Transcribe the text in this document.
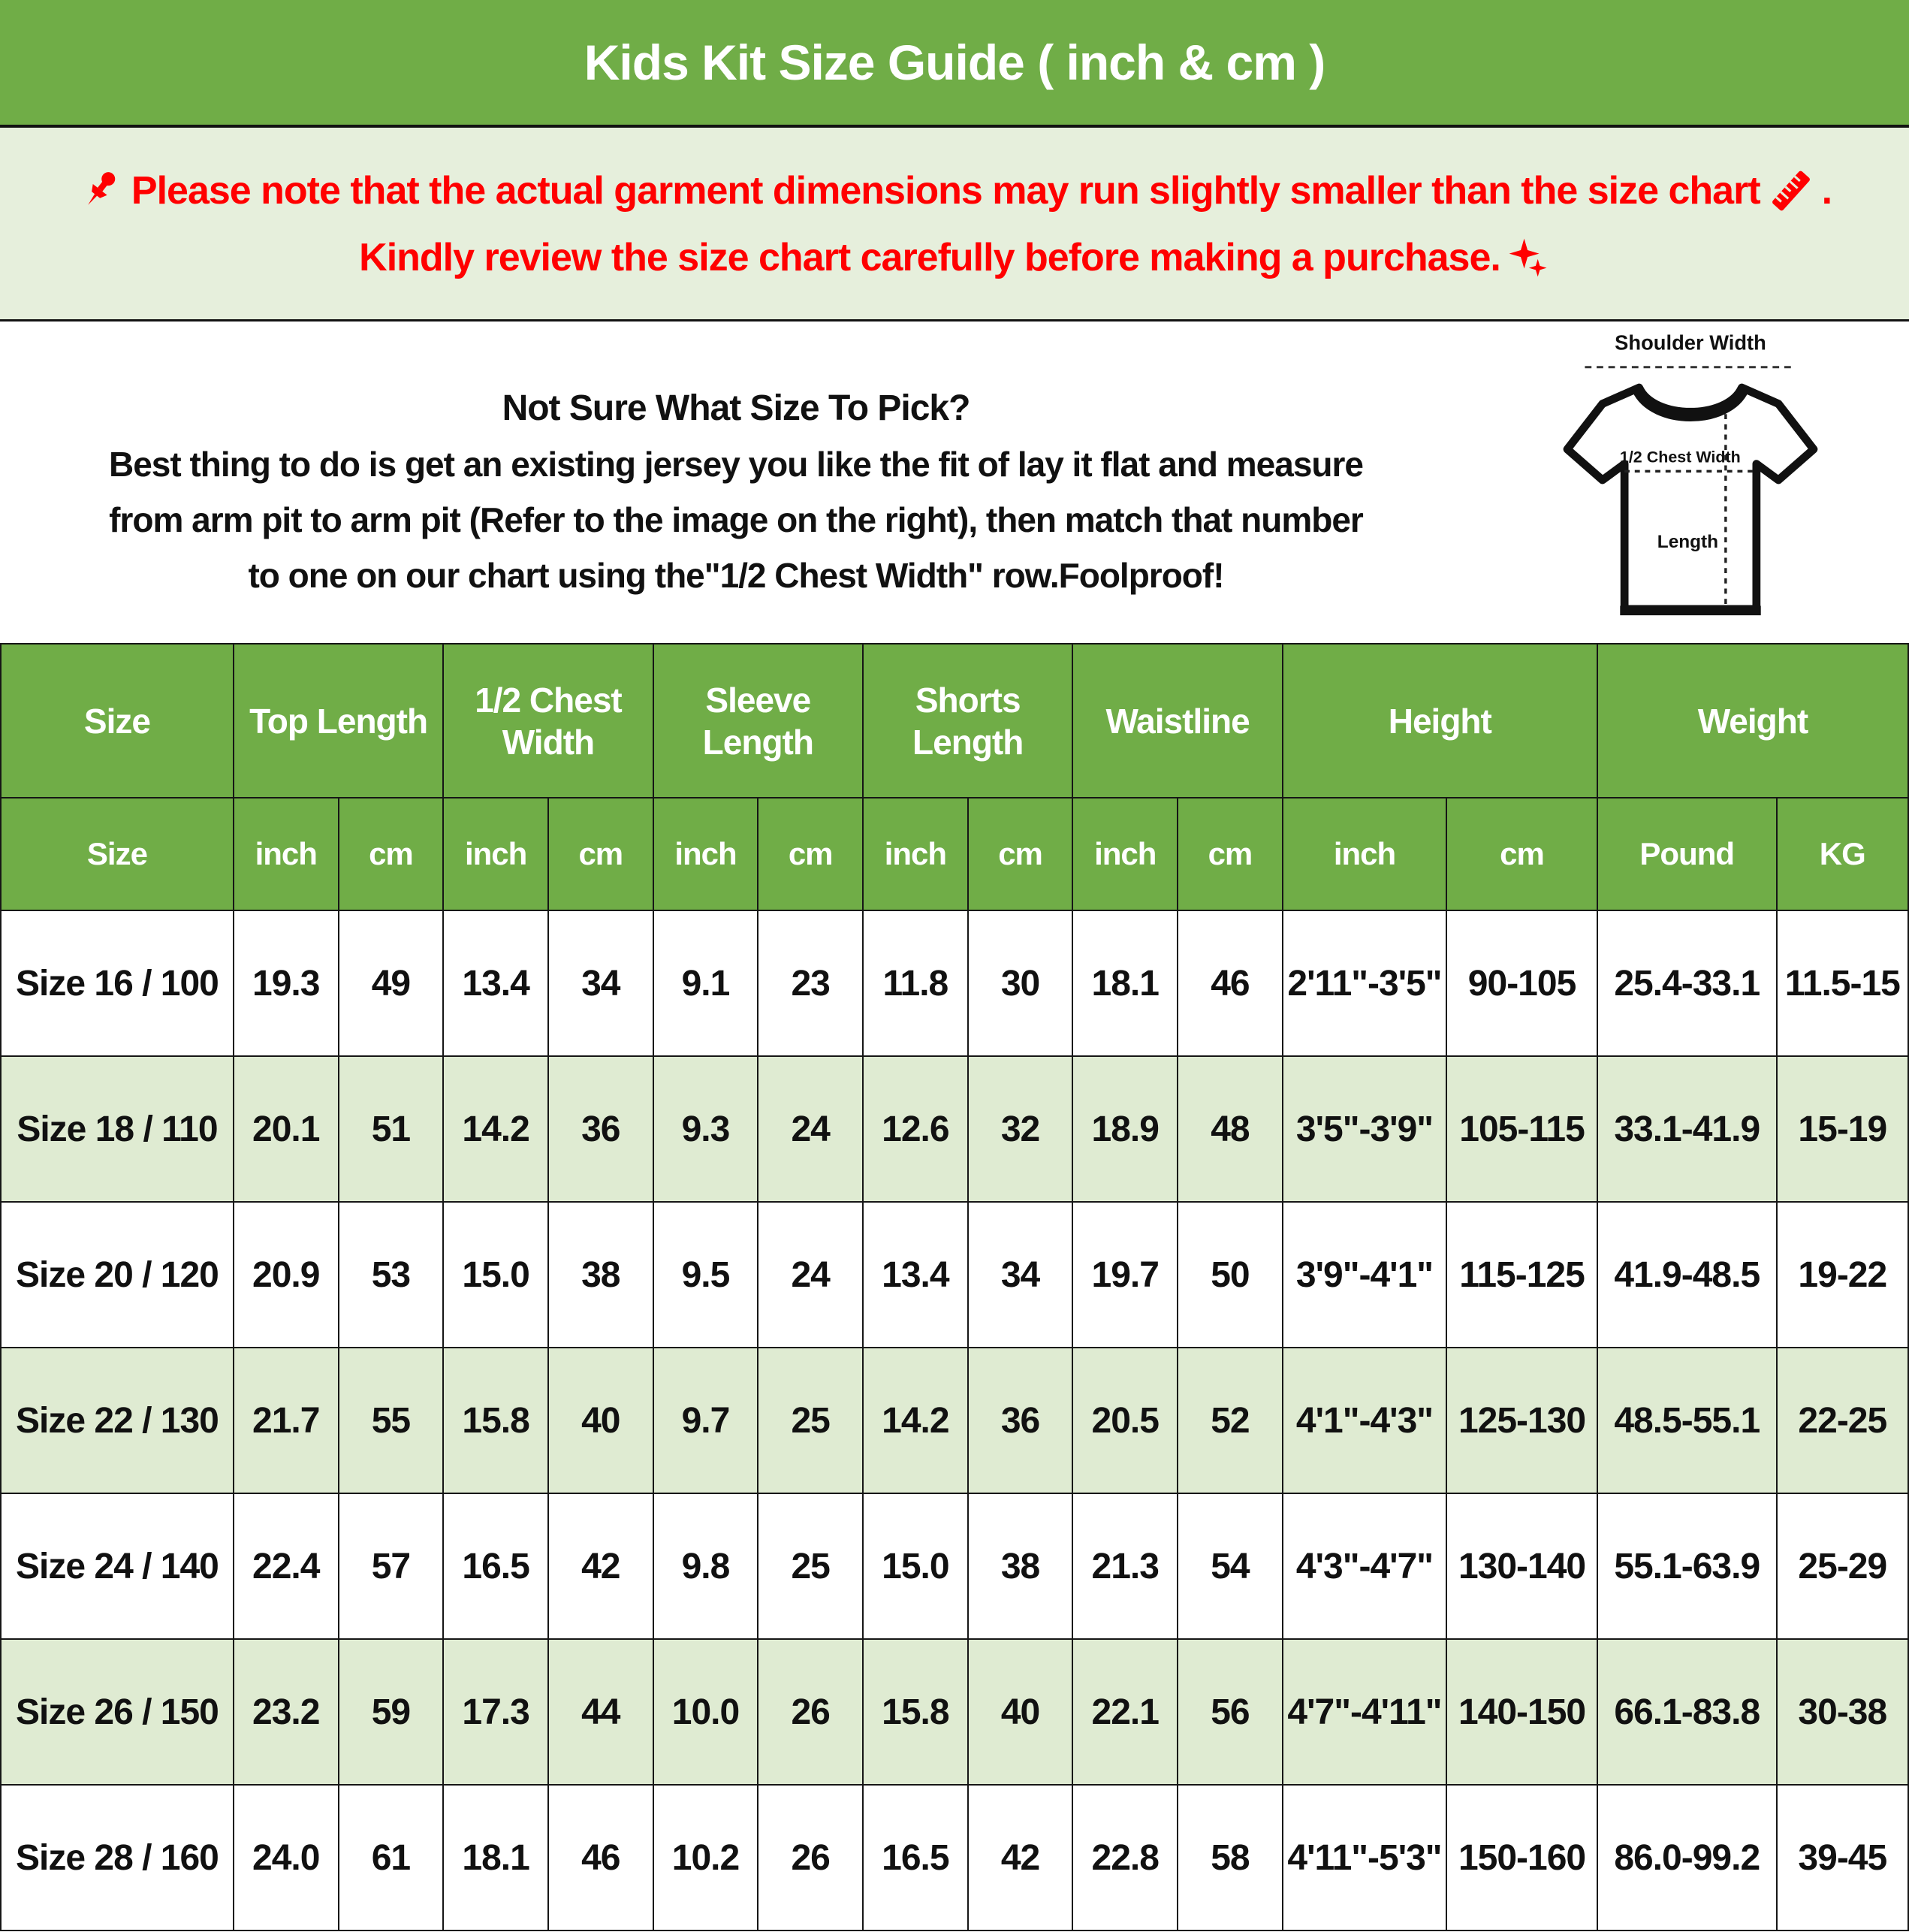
Kids Kit Size Guide ( inch & cm )
Please note that the actual garment dimensions may run slightly smaller than the size chart .
Kindly review the size chart carefully before making a purchase.
Not Sure What Size To Pick?
Best thing to do is get an existing jersey you like the fit of lay it flat and measure
from arm pit to arm pit (Refer to the image on the right), then match that number
to one on our chart using the"1/2 Chest Width" row.Foolproof!
Shoulder Width
1/2 Chest Width
Length
Size	Top Length		1/2 Chest Width		Sleeve Length		Shorts Length		Waistline		Height		Weight	
Size	inch	cm	inch	cm	inch	cm	inch	cm	inch	cm	inch	cm	Pound	KG
Size 16 / 100	19.3	49	13.4	34	9.1	23	11.8	30	18.1	46	2'11"-3'5"	90-105	25.4-33.1	11.5-15
Size 18 / 110	20.1	51	14.2	36	9.3	24	12.6	32	18.9	48	3'5"-3'9"	105-115	33.1-41.9	15-19
Size 20 / 120	20.9	53	15.0	38	9.5	24	13.4	34	19.7	50	3'9"-4'1"	115-125	41.9-48.5	19-22
Size 22 / 130	21.7	55	15.8	40	9.7	25	14.2	36	20.5	52	4'1"-4'3"	125-130	48.5-55.1	22-25
Size 24 / 140	22.4	57	16.5	42	9.8	25	15.0	38	21.3	54	4'3"-4'7"	130-140	55.1-63.9	25-29
Size 26 / 150	23.2	59	17.3	44	10.0	26	15.8	40	22.1	56	4'7"-4'11"	140-150	66.1-83.8	30-38
Size 28 / 160	24.0	61	18.1	46	10.2	26	16.5	42	22.8	58	4'11"-5'3"	150-160	86.0-99.2	39-45
